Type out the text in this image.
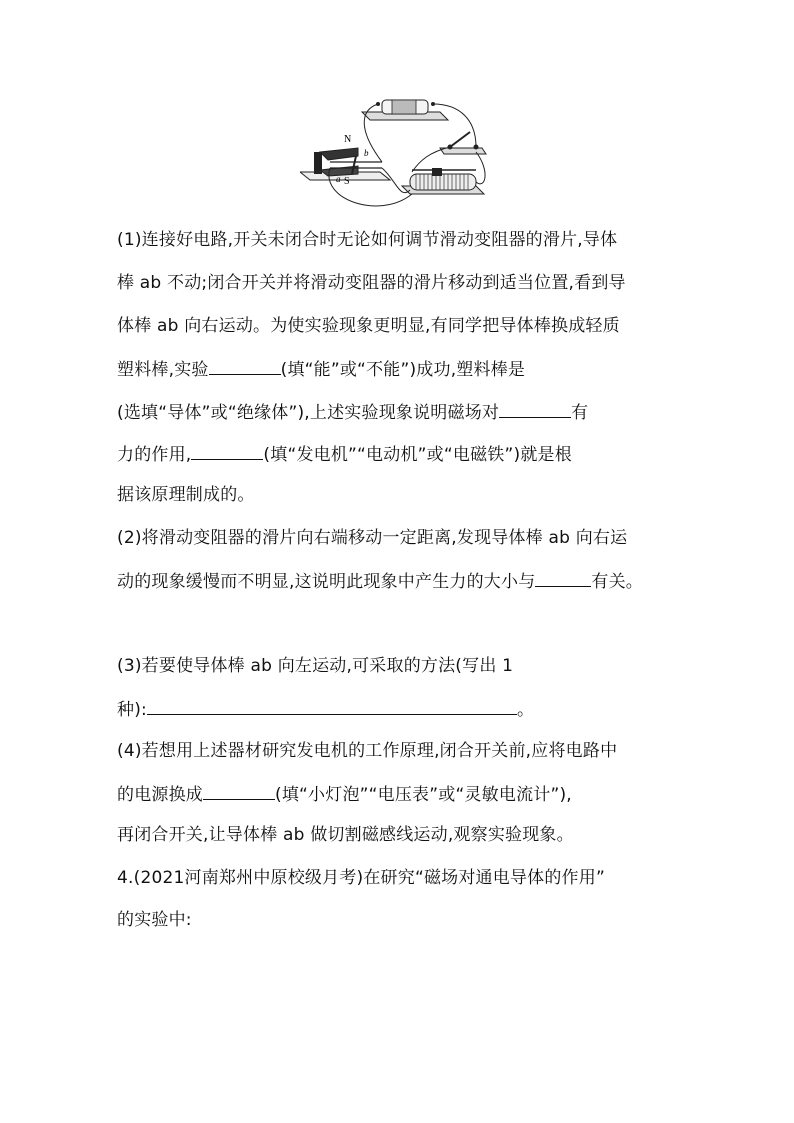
N
S
a
b
(1)连接好电路,开关未闭合时无论如何调节滑动变阻器的滑片,导体
棒 ab 不动;闭合开关并将滑动变阻器的滑片移动到适当位置,看到导
体棒 ab 向右运动。为使实验现象更明显,有同学把导体棒换成轻质
塑料棒,实验	(填“能”或“不能”)成功,塑料棒是
(选填“导体”或“绝缘体”),上述实验现象说明磁场对	有
力的作用,	(填“发电机”“电动机”或“电磁铁”)就是根
据该原理制成的。
(2)将滑动变阻器的滑片向右端移动一定距离,发现导体棒 ab 向右运
动的现象缓慢而不明显,这说明此现象中产生力的大小与	有关。
(3)若要使导体棒 ab 向左运动,可采取的方法(写出 1
种):	。
(4)若想用上述器材研究发电机的工作原理,闭合开关前,应将电路中
的电源换成	(填“小灯泡”“电压表”或“灵敏电流计”),
再闭合开关,让导体棒 ab 做切割磁感线运动,观察实验现象。
4.(2021河南郑州中原校级月考)在研究“磁场对通电导体的作用”
的实验中:
